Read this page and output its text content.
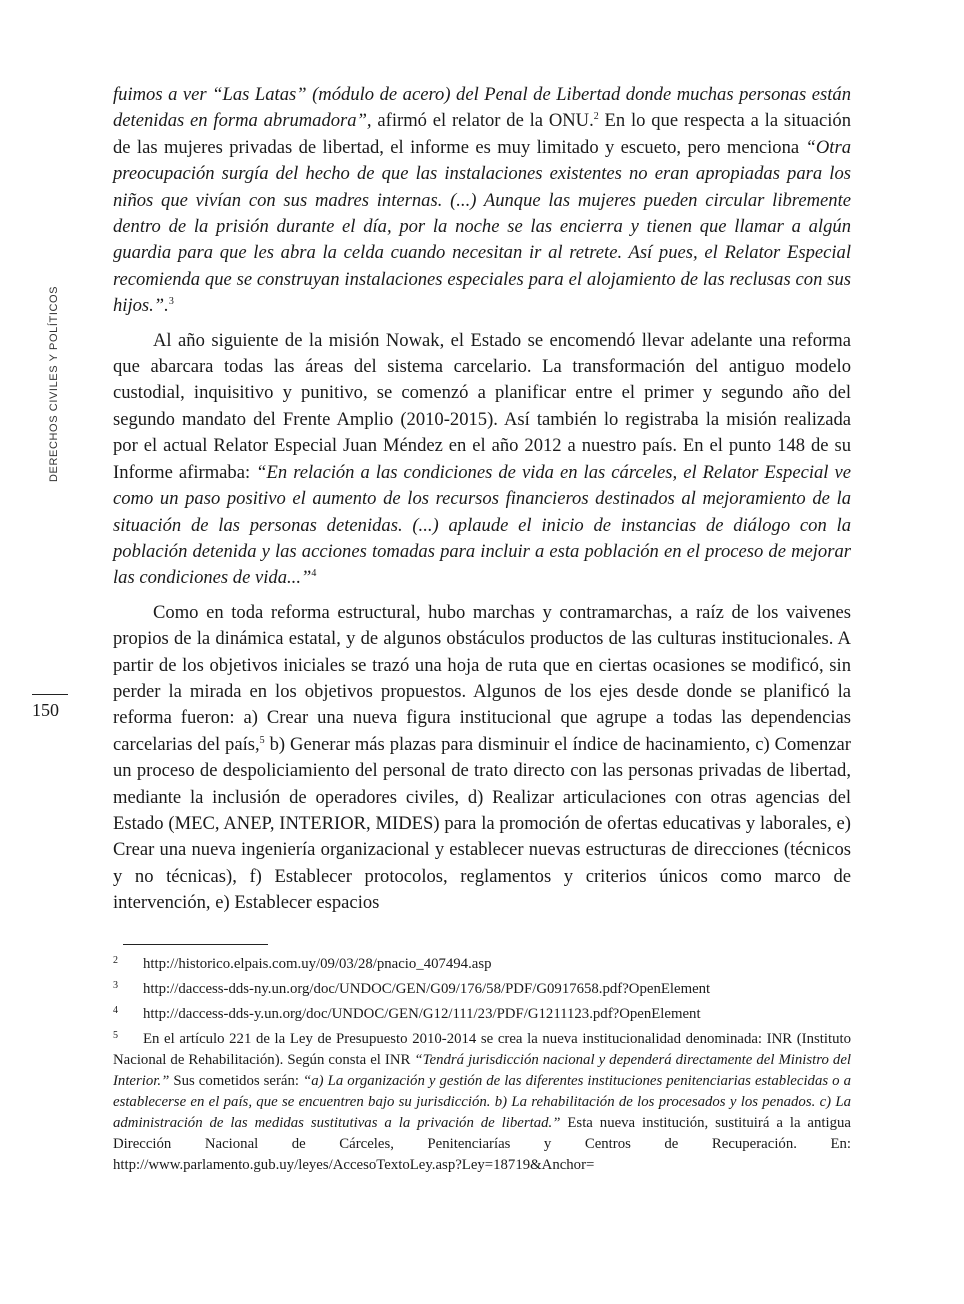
DERECHOS CIVILES Y POLÍTICOS
150

fuimos a ver “Las Latas” (módulo de acero) del Penal de Libertad donde muchas personas están detenidas en forma abrumadora”, afirmó el relator de la ONU.$^2$ En lo que respecta a la situación de las mujeres privadas de libertad, el informe es muy limitado y escueto, pero menciona “Otra preocupación surgía del hecho de que las instalaciones existentes no eran apropiadas para los niños que vivían con sus madres internas. (...) Aunque las mujeres pueden circular libremente dentro de la prisión durante el día, por la noche se las encierra y tienen que llamar a algún guardia para que les abra la celda cuando necesitan ir al retrete. Así pues, el Relator Especial recomienda que se construyan instalaciones especiales para el alojamiento de las reclusas con sus hijos.”.$^3$

Al año siguiente de la misión Nowak, el Estado se encomendó llevar adelante una reforma que abarcara todas las áreas del sistema carcelario. La transformación del antiguo modelo custodial, inquisitivo y punitivo, se comenzó a planificar entre el primer y segundo año del segundo mandato del Frente Amplio (2010-2015). Así también lo registraba la misión realizada por el actual Relator Especial Juan Méndez en el año 2012 a nuestro país. En el punto 148 de su Informe afirmaba: “En relación a las condiciones de vida en las cárceles, el Relator Especial ve como un paso positivo el aumento de los recursos financieros destinados al mejoramiento de la situación de las personas detenidas. (...) aplaude el inicio de instancias de diálogo con la población detenida y las acciones tomadas para incluir a esta población en el proceso de mejorar las condiciones de vida...”$^4$

Como en toda reforma estructural, hubo marchas y contramarchas, a raíz de los vaivenes propios de la dinámica estatal, y de algunos obstáculos productos de las culturas institucionales. A partir de los objetivos iniciales se trazó una hoja de ruta que en ciertas ocasiones se modificó, sin perder la mirada en los objetivos propuestos. Algunos de los ejes desde donde se planificó la reforma fueron: a) Crear una nueva figura institucional que agrupe a todas las dependencias carcelarias del país,$^5$ b) Generar más plazas para disminuir el índice de hacinamiento, c) Comenzar un proceso de despoliciamiento del personal de trato directo con las personas privadas de libertad, mediante la inclusión de operadores civiles, d) Realizar articulaciones con otras agencias del Estado (MEC, ANEP, INTERIOR, MIDES) para la promoción de ofertas educativas y laborales, e) Crear una nueva ingeniería organizacional y establecer nuevas estructuras de direcciones (técnicos y no técnicas), f) Establecer protocolos, reglamentos y criterios únicos como marco de intervención, e) Establecer espacios

2 http://historico.elpais.com.uy/09/03/28/pnacio_407494.asp
3 http://daccess-dds-ny.un.org/doc/UNDOC/GEN/G09/176/58/PDF/G0917658.pdf?OpenElement
4 http://daccess-dds-y.un.org/doc/UNDOC/GEN/G12/111/23/PDF/G1211123.pdf?OpenElement
5 En el artículo 221 de la Ley de Presupuesto 2010-2014 se crea la nueva institucionalidad denominada: INR (Instituto Nacional de Rehabilitación). Según consta el INR “Tendrá jurisdicción nacional y dependerá directamente del Ministro del Interior.” Sus cometidos serán: “a) La organización y gestión de las diferentes instituciones penitenciarias establecidas o a establecerse en el país, que se encuentren bajo su jurisdicción. b) La rehabilitación de los procesados y los penados. c) La administración de las medidas sustitutivas a la privación de libertad.” Esta nueva institución, sustituirá a la antigua Dirección Nacional de Cárceles, Penitenciarías y Centros de Recuperación. En: http://www.parlamento.gub.uy/leyes/AccesoTextoLey.asp?Ley=18719&Anchor=
